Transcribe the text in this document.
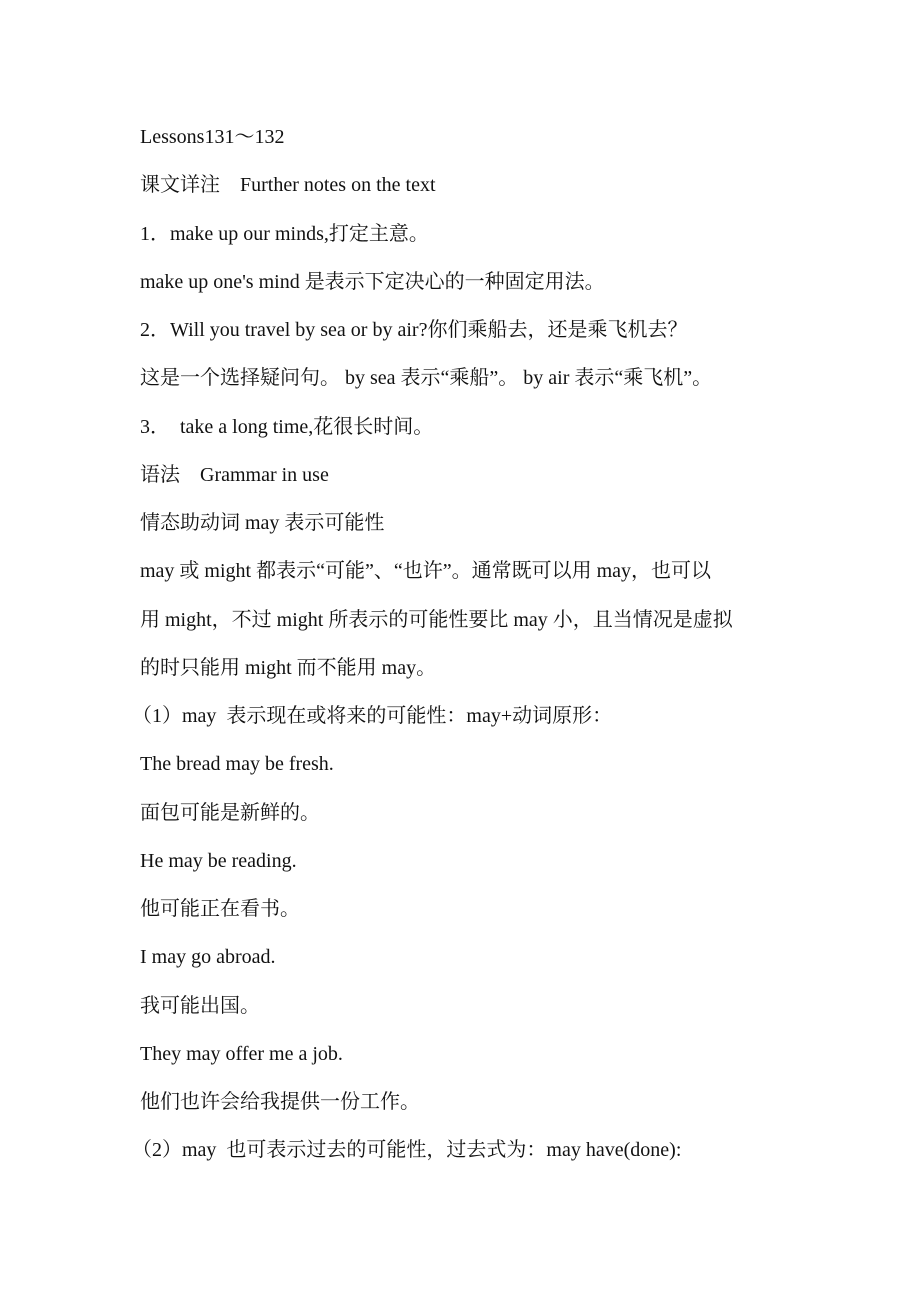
Lessons131～132
课文详注　Further notes on the text
1．make up our minds,打定主意。
make up one's mind 是表示下定决心的一种固定用法。
2．Will you travel by sea or by air?你们乘船去，还是乘飞机去？
这是一个选择疑问句。 by sea 表示“乘船”。 by air 表示“乘飞机”。
3．  take a long time,花很长时间。
语法　Grammar in use
情态助动词 may 表示可能性
may 或 might 都表示“可能”、“也许”。通常既可以用 may，也可以
用 might，不过 might 所表示的可能性要比 may 小，且当情况是虚拟
的时只能用 might 而不能用 may。
（1）may  表示现在或将来的可能性：may+动词原形：
The bread may be fresh.
面包可能是新鲜的。
He may be reading.
他可能正在看书。
I may go abroad.
我可能出国。
They may offer me a job.
他们也许会给我提供一份工作。
（2）may  也可表示过去的可能性，过去式为：may have(done):
